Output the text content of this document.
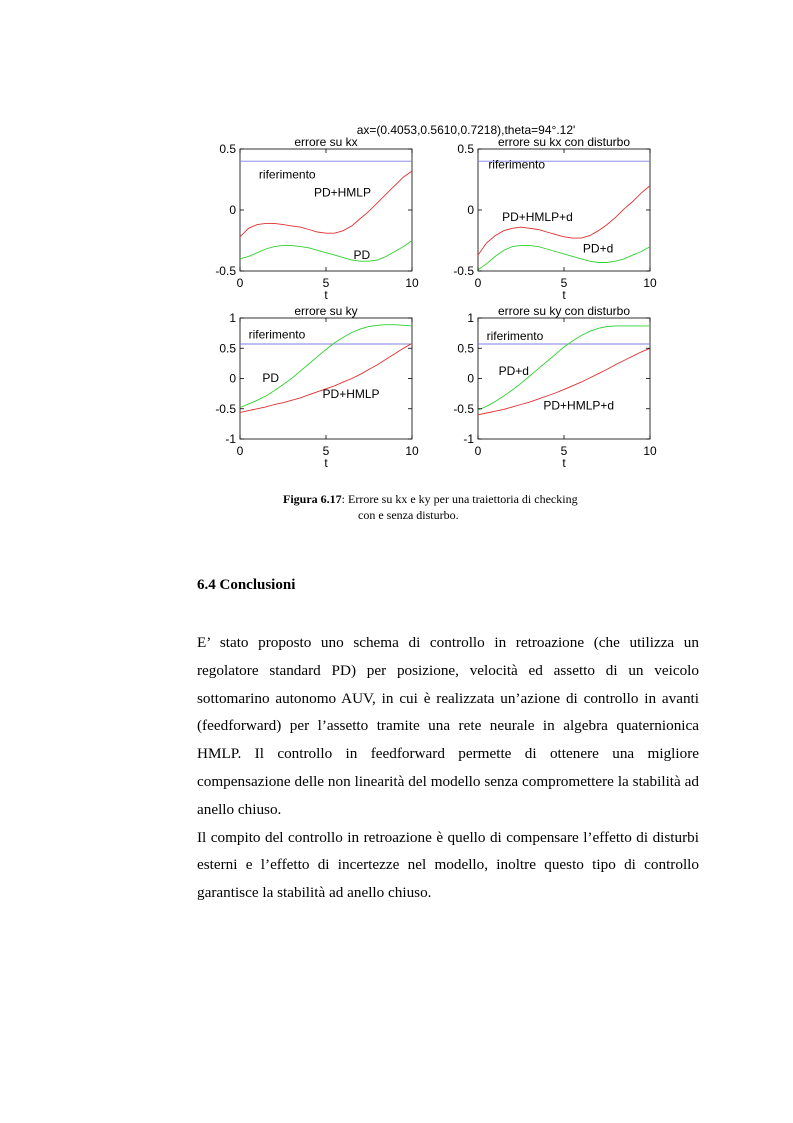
ax=(0.4053,0.5610,0.7218),theta=94°.12'
0	5	10
-0.5
0
0.5	errore su kx
t
riferimento
PD+HMLP
PD
0	5	10
-0.5
0
0.5 errore su kx con disturbo
t
riferimento
PD+HMLP+d
PD+d
0	5	10
-1
-0.5
0
0.5
1	errore su ky
t
riferimento
PD
PD+HMLP
0	5	10
-1
-0.5
0
0.5
1 errore su ky con disturbo
t
riferimento
PD+d
PD+HMLP+d
Figura 6.17: Errore su kx e ky per una traiettoria di checking
con e senza disturbo.
6.4 Conclusioni

E’ stato proposto uno schema di controllo in retroazione (che utilizza un regolatore standard PD) per posizione, velocità ed assetto di un veicolo sottomarino autonomo AUV, in cui è realizzata un’azione di controllo in avanti (feedforward) per l’assetto tramite una rete neurale in algebra quaternionica HMLP. Il controllo in feedforward permette di ottenere una migliore compensazione delle non linearità del modello senza compromettere la stabilità ad anello chiuso.

Il compito del controllo in retroazione è quello di compensare l’effetto di disturbi esterni e l’effetto di incertezze nel modello, inoltre questo tipo di controllo garantisce la stabilità ad anello chiuso.
